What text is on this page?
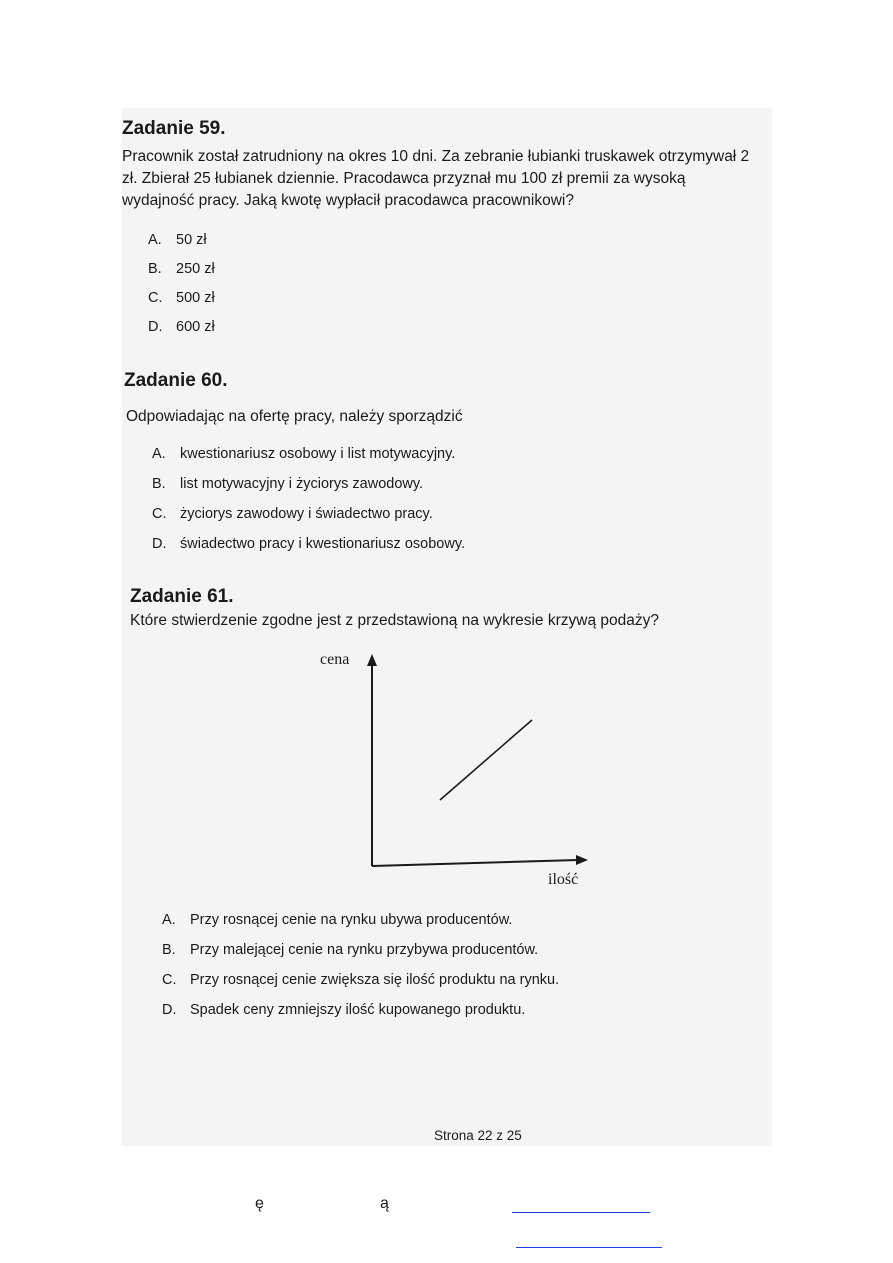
Zadanie 59.

Pracownik został zatrudniony na okres 10 dni. Za zebranie łubianki truskawek otrzymywał 2 zł. Zbierał 25 łubianek dziennie. Pracodawca przyznał mu 100 zł premii za wysoką wydajność pracy. Jaką kwotę wypłacił pracodawca pracownikowi?

A. 50 zł
B. 250 zł
C. 500 zł
D. 600 zł
Zadanie 60.

Odpowiadając na ofertę pracy, należy sporządzić

A. kwestionariusz osobowy i list motywacyjny.
B. list motywacyjny i życiorys zawodowy.
C. życiorys zawodowy i świadectwo pracy.
D. świadectwo pracy i kwestionariusz osobowy.
Zadanie 61.

Które stwierdzenie zgodne jest z przedstawioną na wykresie krzywą podaży?

cena
ilość
A. Przy rosnącej cenie na rynku ubywa producentów.
B. Przy malejącej cenie na rynku przybywa producentów.
C. Przy rosnącej cenie zwiększa się ilość produktu na rynku.
D. Spadek ceny zmniejszy ilość kupowanego produktu.
Strona 22 z 25
ę	ą
